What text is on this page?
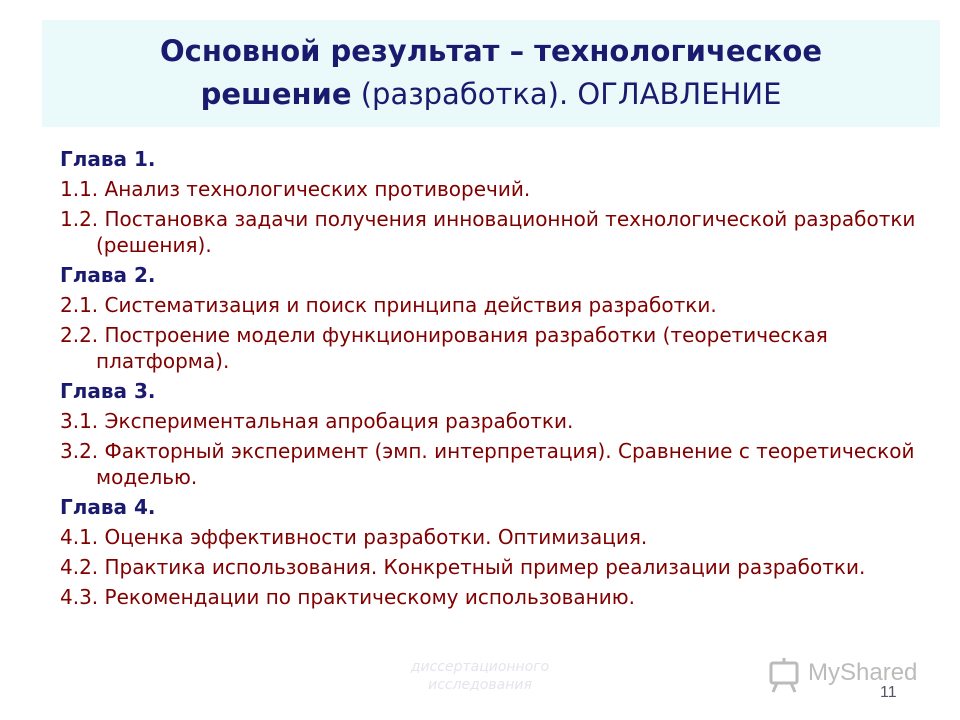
Основной результат – технологическое
решение (разработка). ОГЛАВЛЕНИЕ
Глава 1.
1.1. Анализ технологических противоречий.
1.2. Постановка задачи получения инновационной технологической разработки (решения).
Глава 2.
2.1. Систематизация и поиск принципа действия разработки.
2.2. Построение модели функционирования разработки (теоретическая платформа).
Глава 3.
3.1. Экспериментальная апробация разработки.
3.2. Факторный эксперимент (эмп. интерпретация). Сравнение с теоретической моделью.
Глава 4.
4.1. Оценка эффективности разработки. Оптимизация.
4.2. Практика использования. Конкретный пример реализации разработки.
4.3. Рекомендации по практическому использованию.
диссертационного
исследования	MyShared
11
